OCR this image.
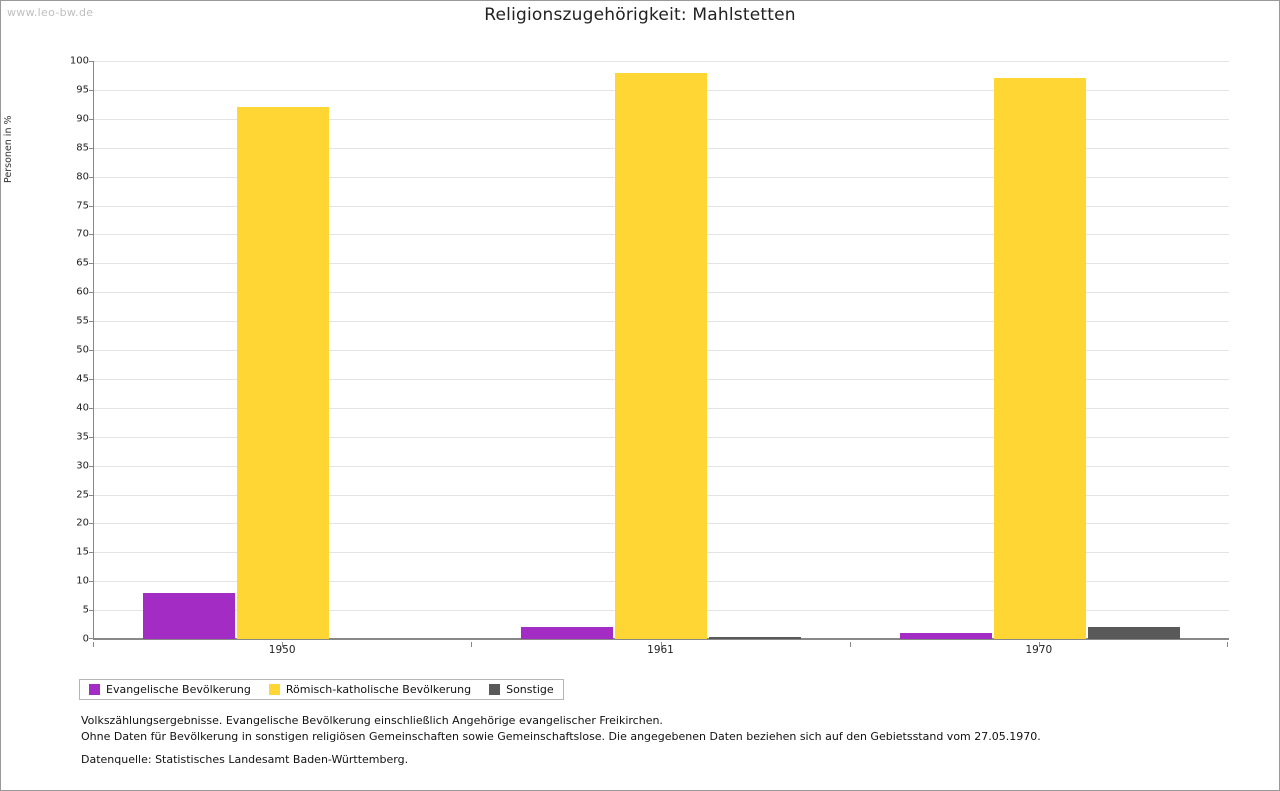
www.leo-bw.de	Religionszugehörigkeit: Mahlstetten
Personen in %
0
5
10
15
20
25
30
35
40
45
50
55
60
65
70
75
80
85
90
95
100
1950	1961	1970
Evangelische Bevölkerung	Römisch-katholische Bevölkerung	Sonstige
Volkszählungsergebnisse. Evangelische Bevölkerung einschließlich Angehörige evangelischer Freikirchen.
Ohne Daten für Bevölkerung in sonstigen religiösen Gemeinschaften sowie Gemeinschaftslose. Die angegebenen Daten beziehen sich auf den Gebietsstand vom 27.05.1970.
Datenquelle: Statistisches Landesamt Baden-Württemberg.
